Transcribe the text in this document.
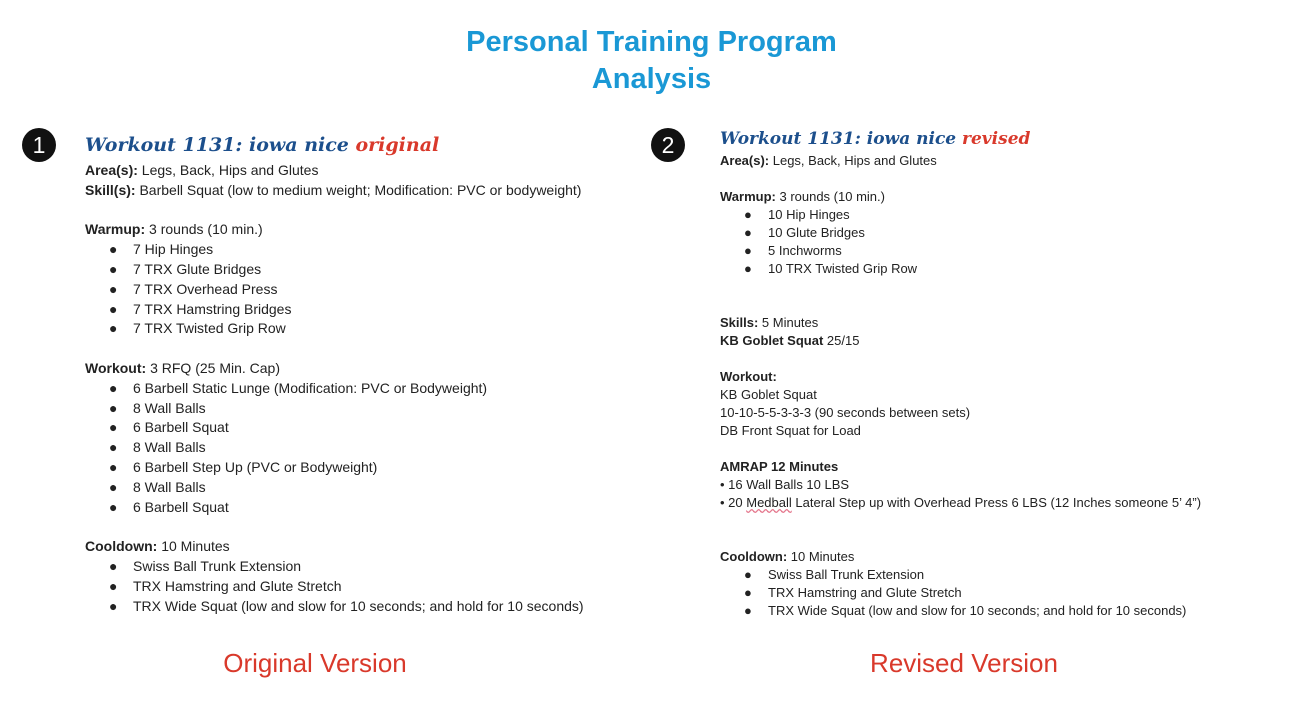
Personal Training Program
Analysis
1	Workout 1131: iowa nice original
Area(s): Legs, Back, Hips and Glutes
Skill(s): Barbell Squat (low to medium weight; Modification: PVC or bodyweight)
Warmup: 3 rounds (10 min.)
● 7 Hip Hinges
● 7 TRX Glute Bridges
● 7 TRX Overhead Press
● 7 TRX Hamstring Bridges
● 7 TRX Twisted Grip Row
Workout: 3 RFQ (25 Min. Cap)
● 6 Barbell Static Lunge (Modification: PVC or Bodyweight)
● 8 Wall Balls
● 6 Barbell Squat
● 8 Wall Balls
● 6 Barbell Step Up (PVC or Bodyweight)
● 8 Wall Balls
● 6 Barbell Squat
Cooldown: 10 Minutes
● Swiss Ball Trunk Extension
● TRX Hamstring and Glute Stretch
● TRX Wide Squat (low and slow for 10 seconds; and hold for 10 seconds)
Original Version
2	Workout 1131: iowa nice revised
Area(s): Legs, Back, Hips and Glutes
Warmup: 3 rounds (10 min.)
● 10 Hip Hinges
● 10 Glute Bridges
● 5 Inchworms
● 10 TRX Twisted Grip Row
Skills: 5 Minutes
KB Goblet Squat 25/15
Workout:
KB Goblet Squat
10-10-5-5-3-3-3 (90 seconds between sets)
DB Front Squat for Load
AMRAP 12 Minutes
• 16 Wall Balls 10 LBS
• 20 Medball Lateral Step up with Overhead Press 6 LBS (12 Inches someone 5’ 4”)
Cooldown: 10 Minutes
● Swiss Ball Trunk Extension
● TRX Hamstring and Glute Stretch
● TRX Wide Squat (low and slow for 10 seconds; and hold for 10 seconds)
Revised Version
